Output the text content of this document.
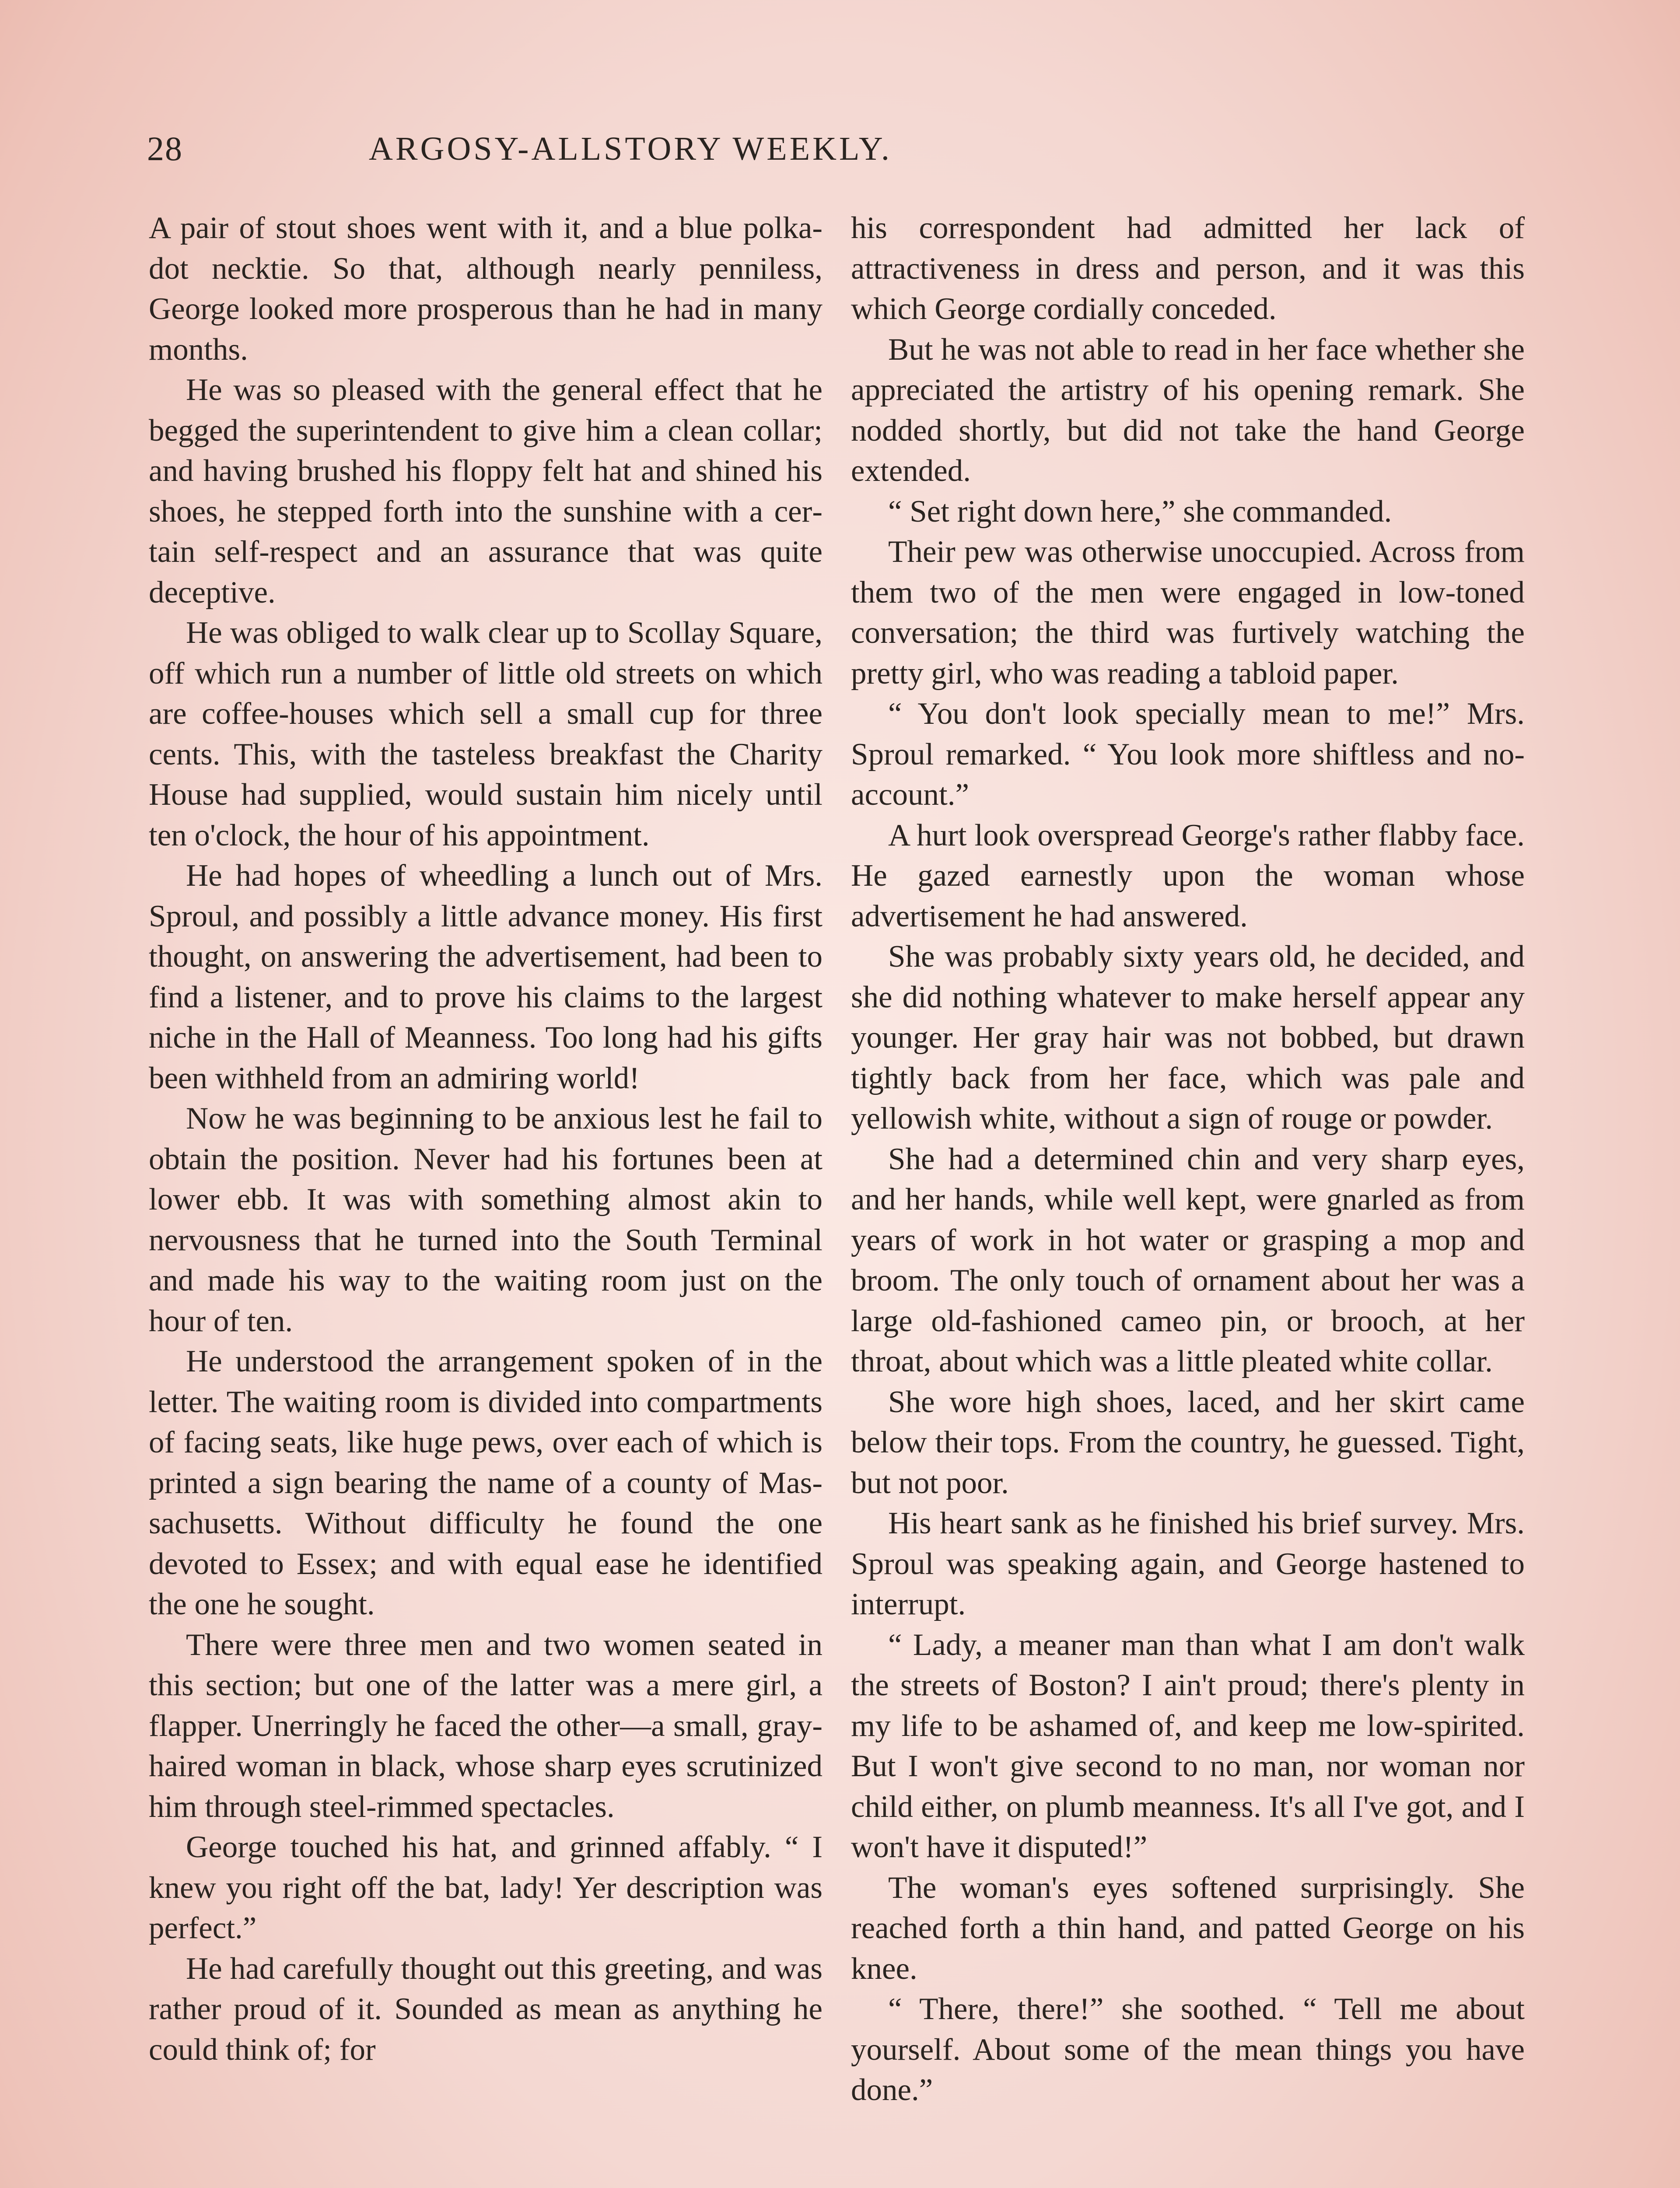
28	ARGOSY-ALLSTORY WEEKLY.

A pair of stout shoes went with it, and a blue polka-dot necktie. So that, although nearly penniless, George looked more prosperous than he had in many months.

He was so pleased with the general effect that he begged the superintendent to give him a clean collar; and having brushed his floppy felt hat and shined his shoes, he stepped forth into the sunshine with a certain self-respect and an assurance that was quite deceptive.

He was obliged to walk clear up to Scollay Square, off which run a number of little old streets on which are coffee-houses which sell a small cup for three cents. This, with the tasteless breakfast the Charity House had supplied, would sustain him nicely until ten o'clock, the hour of his appointment.

He had hopes of wheedling a lunch out of Mrs. Sproul, and possibly a little advance money. His first thought, on answering the advertisement, had been to find a listener, and to prove his claims to the largest niche in the Hall of Meanness. Too long had his gifts been withheld from an admiring world!

Now he was beginning to be anxious lest he fail to obtain the position. Never had his fortunes been at lower ebb. It was with something almost akin to nervousness that he turned into the South Terminal and made his way to the waiting room just on the hour of ten.

He understood the arrangement spoken of in the letter. The waiting room is divided into compartments of facing seats, like huge pews, over each of which is printed a sign bearing the name of a county of Massachusetts. Without difficulty he found the one devoted to Essex; and with equal ease he identified the one he sought.

There were three men and two women seated in this section; but one of the latter was a mere girl, a flapper. Unerringly he faced the other—a small, gray-haired woman in black, whose sharp eyes scrutinized him through steel-rimmed spectacles.

George touched his hat, and grinned affably. “ I knew you right off the bat, lady! Yer description was perfect.”

He had carefully thought out this greeting, and was rather proud of it. Sounded as mean as anything he could think of; for

his correspondent had admitted her lack of attractiveness in dress and person, and it was this which George cordially conceded.

But he was not able to read in her face whether she appreciated the artistry of his opening remark. She nodded shortly, but did not take the hand George extended.

“ Set right down here,” she commanded.

Their pew was otherwise unoccupied. Across from them two of the men were engaged in low-toned conversation; the third was furtively watching the pretty girl, who was reading a tabloid paper.

“ You don't look specially mean to me!” Mrs. Sproul remarked. “ You look more shiftless and no-account.”

A hurt look overspread George's rather flabby face. He gazed earnestly upon the woman whose advertisement he had answered.

She was probably sixty years old, he decided, and she did nothing whatever to make herself appear any younger. Her gray hair was not bobbed, but drawn tightly back from her face, which was pale and yellowish white, without a sign of rouge or powder.

She had a determined chin and very sharp eyes, and her hands, while well kept, were gnarled as from years of work in hot water or grasping a mop and broom. The only touch of ornament about her was a large old-fashioned cameo pin, or brooch, at her throat, about which was a little pleated white collar.

She wore high shoes, laced, and her skirt came below their tops. From the country, he guessed. Tight, but not poor.

His heart sank as he finished his brief survey. Mrs. Sproul was speaking again, and George hastened to interrupt.

“ Lady, a meaner man than what I am don't walk the streets of Boston? I ain't proud; there's plenty in my life to be ashamed of, and keep me low-spirited. But I won't give second to no man, nor woman nor child either, on plumb meanness. It's all I've got, and I won't have it disputed!”

The woman's eyes softened surprisingly. She reached forth a thin hand, and patted George on his knee.

“ There, there!” she soothed. “ Tell me about yourself. About some of the mean things you have done.”
